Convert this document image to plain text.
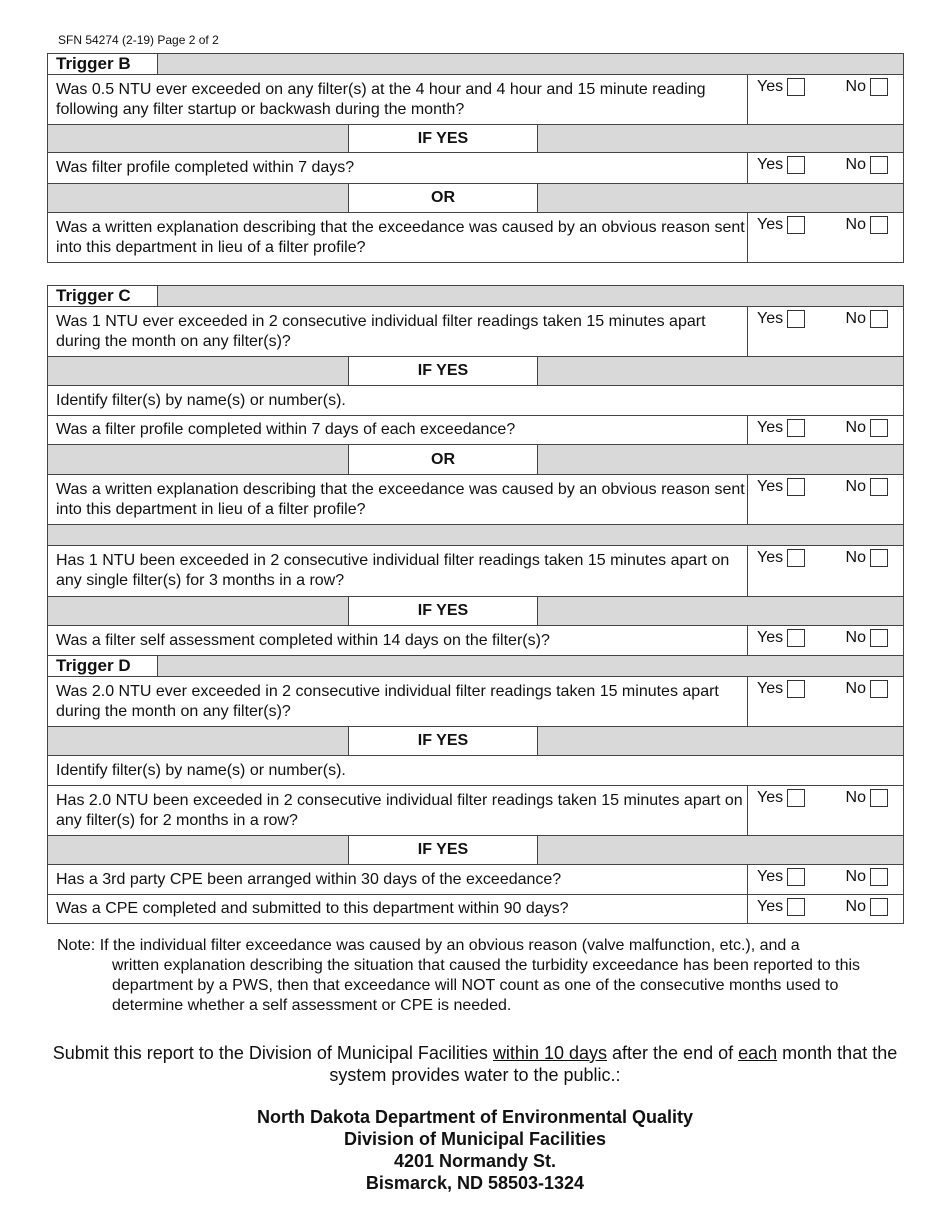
SFN 54274 (2-19) Page 2 of 2
Trigger B				
Was 0.5 NTU ever exceeded on any filter(s) at the 4 hour and 4 hour and 15 minute reading following any filter startup or backwash during the month?				Yes No

		IF YES		
Was filter profile completed within 7 days?				Yes No

		OR		
Was a written explanation describing that the exceedance was caused by an obvious reason sent into this department in lieu of a filter profile?				Yes No
Trigger C				
Was 1 NTU ever exceeded in 2 consecutive individual filter readings taken 15 minutes apart during the month on any filter(s)?				Yes No

		IF YES		
Identify filter(s) by name(s) or number(s).				
Was a filter profile completed within 7 days of each exceedance?				Yes No

		OR		
Was a written explanation describing that the exceedance was caused by an obvious reason sent into this department in lieu of a filter profile?				Yes No

Has 1 NTU been exceeded in 2 consecutive individual filter readings taken 15 minutes apart on any single filter(s) for 3 months in a row?				Yes No

		IF YES		
Was a filter self assessment completed within 14 days on the filter(s)?				Yes No

Trigger D				
Was 2.0 NTU ever exceeded in 2 consecutive individual filter readings taken 15 minutes apart during the month on any filter(s)?				Yes No

		IF YES		
Identify filter(s) by name(s) or number(s).				
Has 2.0 NTU been exceeded in 2 consecutive individual filter readings taken 15 minutes apart on any filter(s) for 2 months in a row?				Yes No

		IF YES		
Has a 3rd party CPE been arranged within 30 days of the exceedance?				Yes No

Was a CPE completed and submitted to this department within 90 days?				Yes No
Note: If the individual filter exceedance was caused by an obvious reason (valve malfunction, etc.), and a
written explanation describing the situation that caused the turbidity exceedance has been reported to this department by a PWS, then that exceedance will NOT count as one of the consecutive months used to determine whether a self assessment or CPE is needed.
Submit this report to the Division of Municipal Facilities within 10 days after the end of each month that the system provides water to the public.:
North Dakota Department of Environmental Quality
Division of Municipal Facilities
4201 Normandy St.
Bismarck, ND 58503-1324
